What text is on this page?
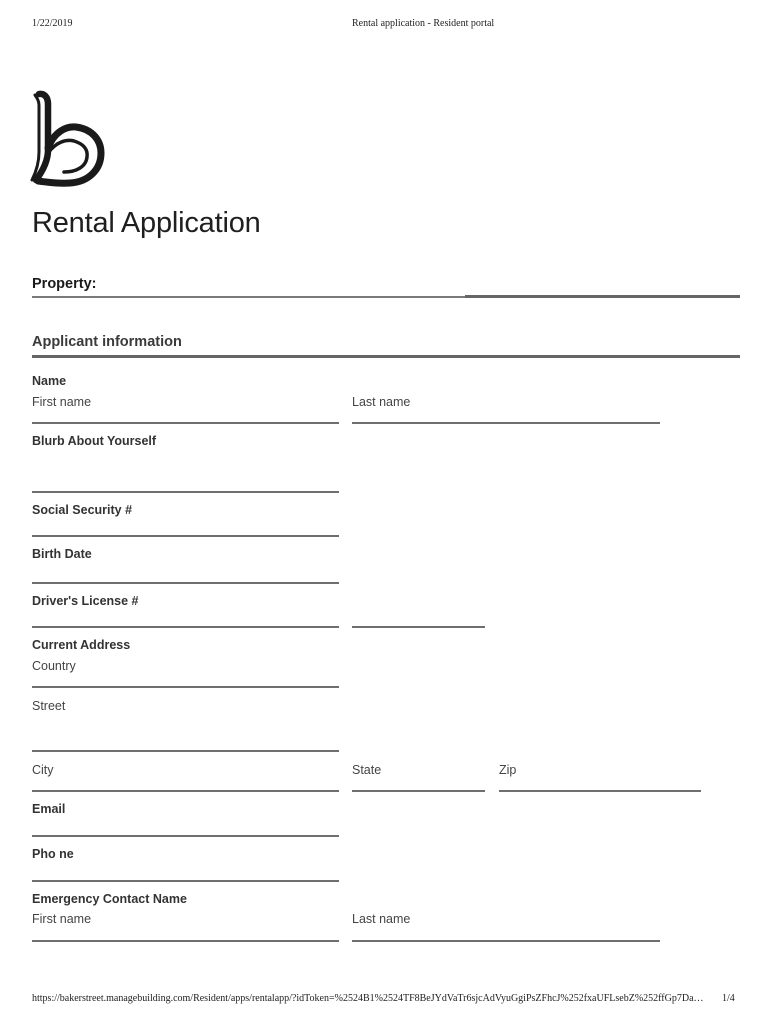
1/22/2019	Rental application - Resident portal
Rental Application
Property:
Applicant information
Name
First name	Last name
Blurb About Yourself
Social Security #
Birth Date
Driver's License #
Current Address
Country
Street
City	State	Zip
Email
Pho ne
Emergency Contact Name
First name	Last name
https://bakerstreet.managebuilding.com/Resident/apps/rentalapp/?idToken=%2524B1%2524TF8BeJYdVaTr6sjcAdVyuGgiPsZFhcJ%252fxaUFLsebZ%252ffGp7Da…	1/4
